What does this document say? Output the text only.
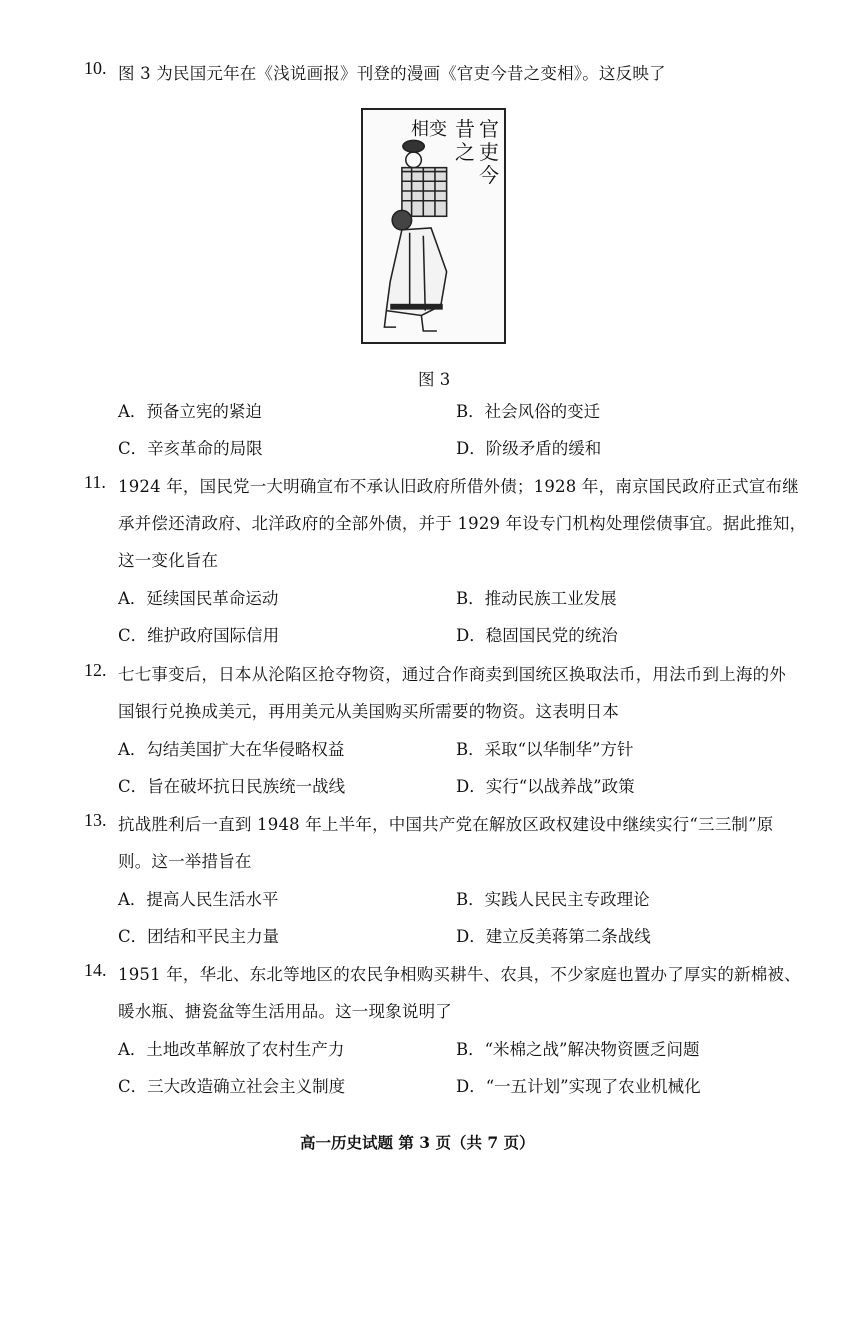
10. 图 3 为民国元年在《浅说画报》刊登的漫画《官吏今昔之变相》。这反映了
官
吏
今
昔
之
变
相
图 3
A．预备立宪的紧迫	B．社会风俗的变迁
C．辛亥革命的局限	D．阶级矛盾的缓和
11. 1924 年，国民党一大明确宣布不承认旧政府所借外债；1928 年，南京国民政府正式宣布继
承并偿还清政府、北洋政府的全部外债，并于 1929 年设专门机构处理偿债事宜。据此推知，
这一变化旨在
A．延续国民革命运动	B．推动民族工业发展
C．维护政府国际信用	D．稳固国民党的统治
12. 七七事变后，日本从沦陷区抢夺物资，通过合作商卖到国统区换取法币，用法币到上海的外
国银行兑换成美元，再用美元从美国购买所需要的物资。这表明日本
A．勾结美国扩大在华侵略权益	B．采取“以华制华”方针
C．旨在破坏抗日民族统一战线	D．实行“以战养战”政策
13. 抗战胜利后一直到 1948 年上半年，中国共产党在解放区政权建设中继续实行“三三制”原
则。这一举措旨在
A．提高人民生活水平	B．实践人民民主专政理论
C．团结和平民主力量	D．建立反美蒋第二条战线
14. 1951 年，华北、东北等地区的农民争相购买耕牛、农具，不少家庭也置办了厚实的新棉被、
暖水瓶、搪瓷盆等生活用品。这一现象说明了
A．土地改革解放了农村生产力	B．“米棉之战”解决物资匮乏问题
C．三大改造确立社会主义制度	D．“一五计划”实现了农业机械化
高一历史试题 第 3 页（共 7 页）
